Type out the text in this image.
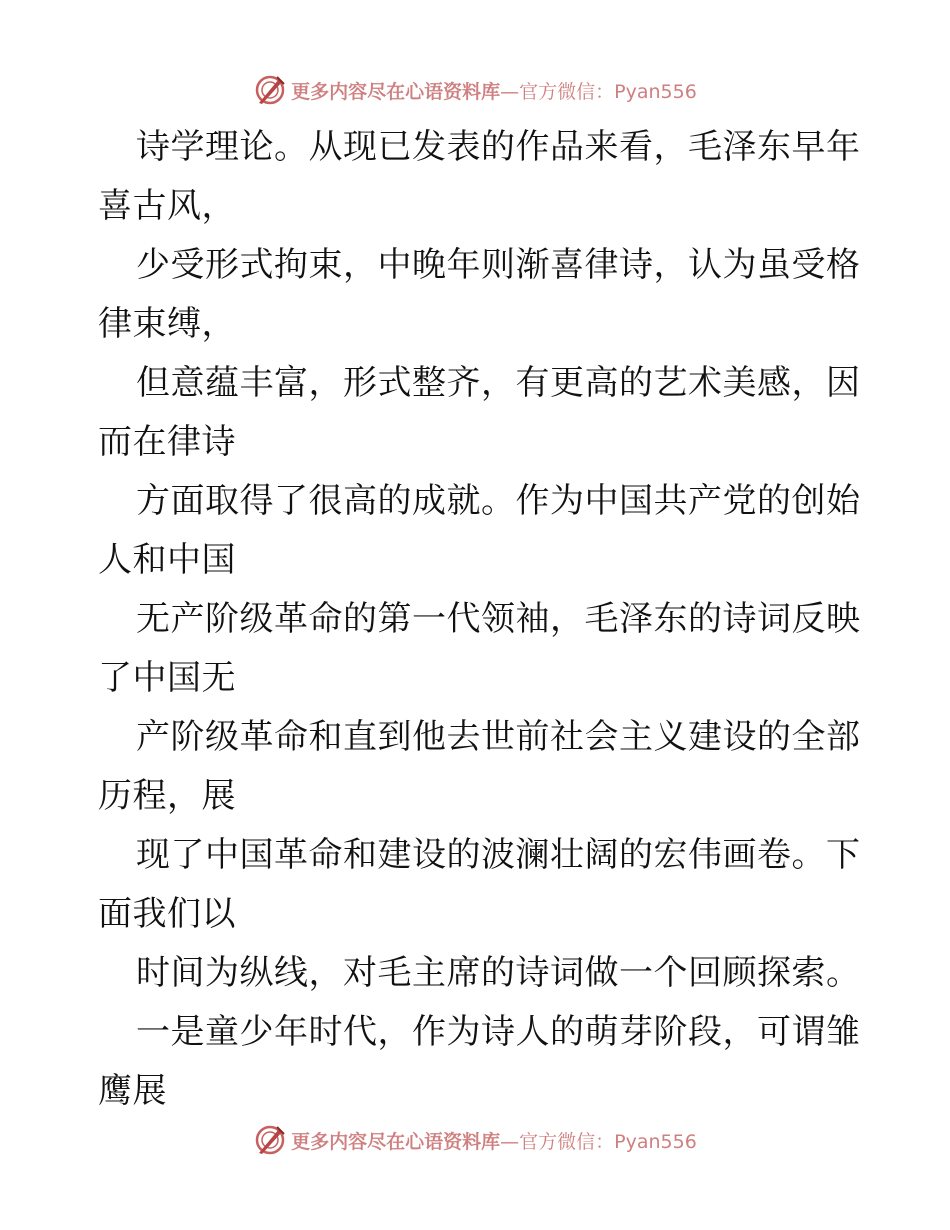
更多内容尽在心语资料库 —官方微信：Pyan556
诗学理论。从现已发表的作品来看，毛泽东早年
喜古风，
少受形式拘束，中晚年则渐喜律诗，认为虽受格
律束缚，
但意蕴丰富，形式整齐，有更高的艺术美感，因
而在律诗
方面取得了很高的成就。作为中国共产党的创始
人和中国
无产阶级革命的第一代领袖，毛泽东的诗词反映
了中国无
产阶级革命和直到他去世前社会主义建设的全部
历程，展
现了中国革命和建设的波澜壮阔的宏伟画卷。下
面我们以
时间为纵线，对毛主席的诗词做一个回顾探索。
一是童少年时代，作为诗人的萌芽阶段，可谓雏
鹰展
更多内容尽在心语资料库 —官方微信：Pyan556
